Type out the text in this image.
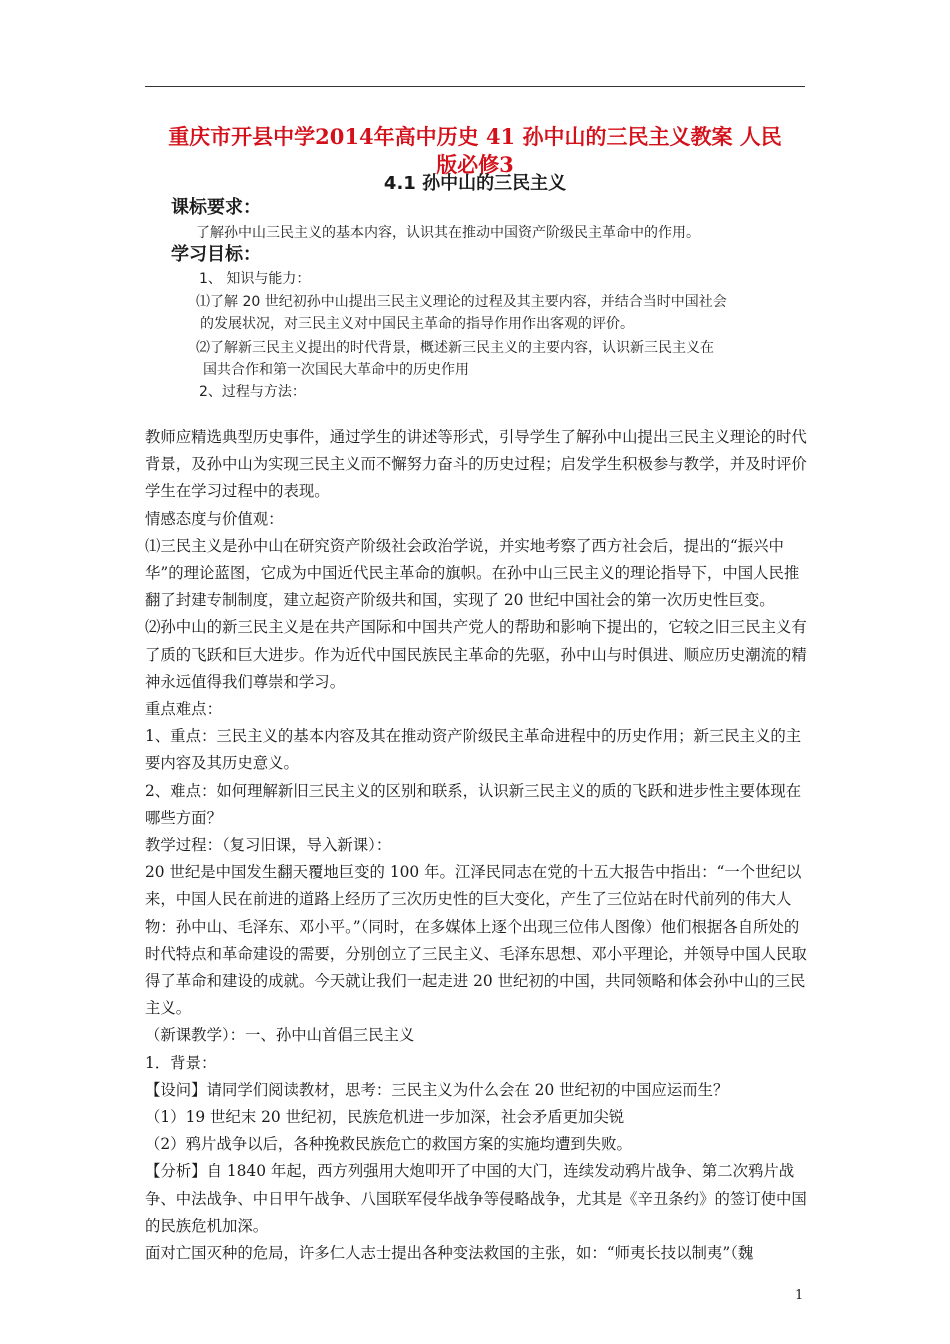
重庆市开县中学2014年高中历史 41 孙中山的三民主义教案 人民
版必修3
4.1 孙中山的三民主义
课标要求：
了解孙中山三民主义的基本内容，认识其在推动中国资产阶级民主革命中的作用。
学习目标：
1、 知识与能力：
⑴了解 20 世纪初孙中山提出三民主义理论的过程及其主要内容，并结合当时中国社会
的发展状况，对三民主义对中国民主革命的指导作用作出客观的评价。
⑵了解新三民主义提出的时代背景，概述新三民主义的主要内容，认识新三民主义在
国共合作和第一次国民大革命中的历史作用
2、过程与方法：

教师应精选典型历史事件，通过学生的讲述等形式，引导学生了解孙中山提出三民主义理论的时代背景，及孙中山为实现三民主义而不懈努力奋斗的历史过程；启发学生积极参与教学，并及时评价学生在学习过程中的表现。

情感态度与价值观：

⑴三民主义是孙中山在研究资产阶级社会政治学说，并实地考察了西方社会后，提出的“振兴中华”的理论蓝图，它成为中国近代民主革命的旗帜。在孙中山三民主义的理论指导下，中国人民推翻了封建专制制度，建立起资产阶级共和国，实现了 20 世纪中国社会的第一次历史性巨变。

⑵孙中山的新三民主义是在共产国际和中国共产党人的帮助和影响下提出的，它较之旧三民主义有了质的飞跃和巨大进步。作为近代中国民族民主革命的先驱，孙中山与时俱进、顺应历史潮流的精神永远值得我们尊崇和学习。

重点难点：

1、重点：三民主义的基本内容及其在推动资产阶级民主革命进程中的历史作用；新三民主义的主要内容及其历史意义。

2、难点：如何理解新旧三民主义的区别和联系，认识新三民主义的质的飞跃和进步性主要体现在哪些方面？

教学过程：（复习旧课，导入新课）：

20 世纪是中国发生翻天覆地巨变的 100 年。江泽民同志在党的十五大报告中指出：“一个世纪以来，中国人民在前进的道路上经历了三次历史性的巨大变化，产生了三位站在时代前列的伟大人物：孙中山、毛泽东、邓小平。”（同时，在多媒体上逐个出现三位伟人图像）他们根据各自所处的时代特点和革命建设的需要，分别创立了三民主义、毛泽东思想、邓小平理论，并领导中国人民取得了革命和建设的成就。今天就让我们一起走进 20 世纪初的中国，共同领略和体会孙中山的三民主义。

（新课教学）：一、孙中山首倡三民主义

1．背景：

【设问】请同学们阅读教材，思考：三民主义为什么会在 20 世纪初的中国应运而生？

（1）19 世纪末 20 世纪初，民族危机进一步加深，社会矛盾更加尖锐

（2）鸦片战争以后，各种挽救民族危亡的救国方案的实施均遭到失败。

【分析】自 1840 年起，西方列强用大炮叩开了中国的大门，连续发动鸦片战争、第二次鸦片战争、中法战争、中日甲午战争、八国联军侵华战争等侵略战争，尤其是《辛丑条约》的签订使中国的民族危机加深。

面对亡国灭种的危局，许多仁人志士提出各种变法救国的主张，如：“师夷长技以制夷”（魏

1
